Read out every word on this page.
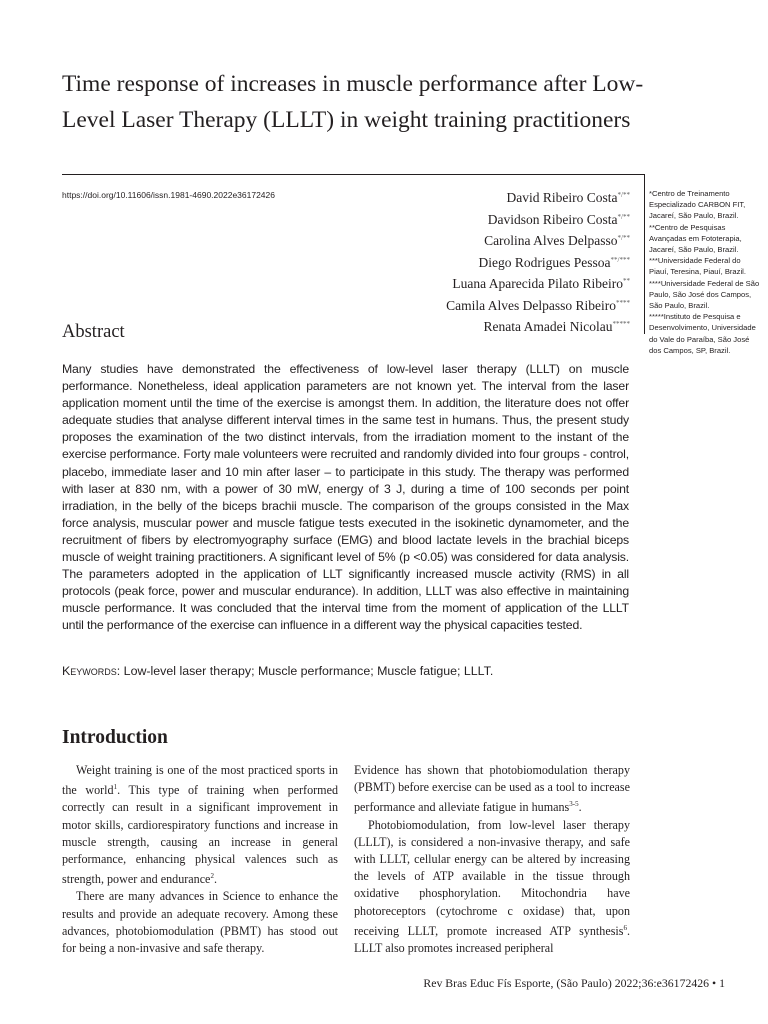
Time response of increases in muscle performance after Low-Level Laser Therapy (LLLT) in weight training practitioners
https://doi.org/10.11606/issn.1981-4690.2022e36172426	David Ribeiro Costa*/**
Davidson Ribeiro Costa*/**
Carolina Alves Delpasso*/**
Diego Rodrigues Pessoa**/***
Luana Aparecida Pilato Ribeiro**
Camila Alves Delpasso Ribeiro****
Renata Amadei Nicolau*****
*Centro de Treinamento Especializado CARBON FIT, Jacareí, São Paulo, Brazil.
**Centro de Pesquisas Avançadas em Fototerapia, Jacareí, São Paulo, Brazil.
***Universidade Federal do Piauí, Teresina, Piauí, Brazil.
****Universidade Federal de São Paulo, São José dos Campos, São Paulo, Brazil.
*****Instituto de Pesquisa e Desenvolvimento, Universidade do Vale do Paraíba, São José dos Campos, SP, Brazil.
Abstract

Many studies have demonstrated the effectiveness of low-level laser therapy (LLLT) on muscle performance. Nonetheless, ideal application parameters are not known yet. The interval from the laser application moment until the time of the exercise is amongst them. In addition, the literature does not offer adequate studies that analyse different interval times in the same test in humans. Thus, the present study proposes the examination of the two distinct intervals, from the irradiation moment to the instant of the exercise performance. Forty male volunteers were recruited and randomly divided into four groups - control, placebo, immediate laser and 10 min after laser – to participate in this study. The therapy was performed with laser at 830 nm, with a power of 30 mW, energy of 3 J, during a time of 100 seconds per point irradiation, in the belly of the biceps brachii muscle. The comparison of the groups consisted in the Max force analysis, muscular power and muscle fatigue tests executed in the isokinetic dynamometer, and the recruitment of fibers by electromyography surface (EMG) and blood lactate levels in the brachial biceps muscle of weight training practitioners. A significant level of 5% (p <0.05) was considered for data analysis. The parameters adopted in the application of LLT significantly increased muscle activity (RMS) in all protocols (peak force, power and muscular endurance). In addition, LLLT was also effective in maintaining muscle performance. It was concluded that the interval time from the moment of application of the LLLT until the performance of the exercise can influence in a different way the physical capacities tested.

Keywords: Low-level laser therapy; Muscle performance; Muscle fatigue; LLLT.
Introduction

Weight training is one of the most practiced sports in the world$^1$. This type of training when performed correctly can result in a significant improvement in motor skills, cardiorespiratory functions and increase in muscle strength, causing an increase in general performance, enhancing physical valences such as strength, power and endurance$^2$.

There are many advances in Science to enhance the results and provide an adequate recovery. Among these advances, photobiomodulation (PBMT) has stood out for being a non-invasive and safe therapy.

Evidence has shown that photobiomodulation therapy (PBMT) before exercise can be used as a tool to increase performance and alleviate fatigue in humans$^{3-5}$.

Photobiomodulation, from low-level laser therapy (LLLT), is considered a non-invasive therapy, and safe with LLLT, cellular energy can be altered by increasing the levels of ATP available in the tissue through oxidative phosphorylation. Mitochondria have photoreceptors (cytochrome c oxidase) that, upon receiving LLLT, promote increased ATP synthesis$^6$. LLLT also promotes increased peripheral

Rev Bras Educ Fís Esporte, (São Paulo) 2022;36:e36172426 • 1
